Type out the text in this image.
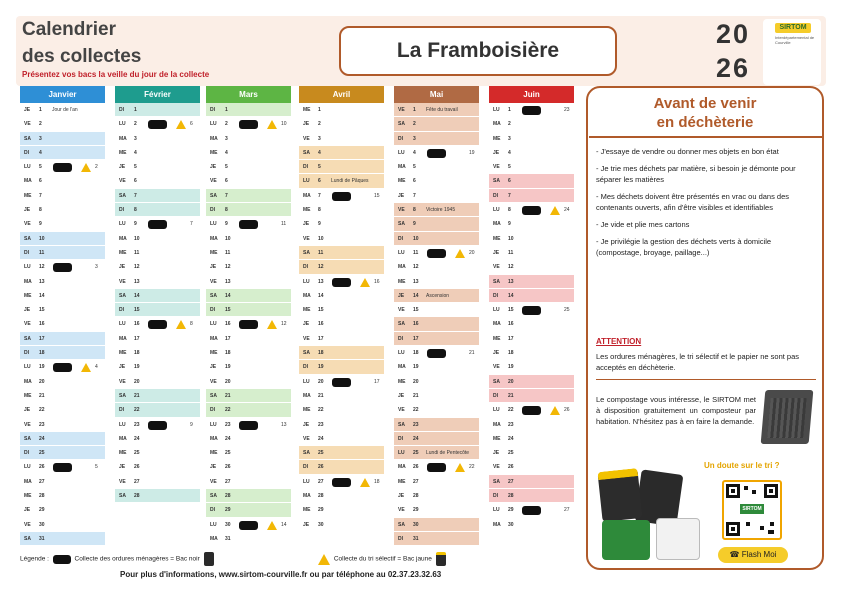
Calendrier
des collectes
Présentez vos bacs la veille du jour de la collecte
La Framboisière
20
26
SIRTOM
Interdépartemental de Courville
Janvier
JE	1 Jour de l'an
VE	2
SA	3
DI	4
LU	5	2
MA	6
ME	7
JE	8
VE	9
SA	10
DI	11
LU	12	3
MA	13
ME	14
JE	15
VE	16
SA	17
DI	18
LU	19	4
MA	20
ME	21
JE	22
VE	23
SA	24
DI	25
LU	26	5
MA	27
ME	28
JE	29
VE	30
SA	31
Février
DI	1
LU	2	6
MA	3
ME	4
JE	5
VE	6
SA	7
DI	8
LU	9	7
MA	10
ME	11
JE	12
VE	13
SA	14
DI	15
LU	16	8
MA	17
ME	18
JE	19
VE	20
SA	21
DI	22
LU	23	9
MA	24
ME	25
JE	26
VE	27
SA	28
Mars
DI	1
LU	2	10
MA	3
ME	4
JE	5
VE	6
SA	7
DI	8
LU	9	11
MA	10
ME	11
JE	12
VE	13
SA	14
DI	15
LU	16	12
MA	17
ME	18
JE	19
VE	20
SA	21
DI	22
LU	23	13
MA	24
ME	25
JE	26
VE	27
SA	28
DI	29
LU	30	14
MA	31
Avril
ME	1
JE	2
VE	3
SA	4
DI	5
LU	6 Lundi de Pâques
MA	7	15
ME	8
JE	9
VE	10
SA	11
DI	12
LU	13	16
MA	14
ME	15
JE	16
VE	17
SA	18
DI	19
LU	20	17
MA	21
ME	22
JE	23
VE	24
SA	25
DI	26
LU	27	18
MA	28
ME	29
JE	30
Mai
VE	1 Fête du travail
SA	2
DI	3
LU	4	19
MA	5
ME	6
JE	7
VE	8 Victoire 1945
SA	9
DI	10
LU	11	20
MA	12
ME	13
JE	14 Ascension
VE	15
SA	16
DI	17
LU	18	21
MA	19
ME	20
JE	21
VE	22
SA	23
DI	24
LU	25 Lundi de Pentecôte
MA	26	22
ME	27
JE	28
VE	29
SA	30
DI	31
Juin
LU	1	23
MA	2
ME	3
JE	4
VE	5
SA	6
DI	7
LU	8	24
MA	9
ME	10
JE	11
VE	12
SA	13
DI	14
LU	15	25
MA	16
ME	17
JE	18
VE	19
SA	20
DI	21
LU	22	26
MA	23
ME	24
JE	25
VE	26
SA	27
DI	28
LU	29	27
MA	30
Avant de venir
en déchèterie

- J'essaye de vendre ou donner mes objets en bon état

- Je trie mes déchets par matière, si besoin je démonte pour séparer les matières

- Mes déchets doivent être présentés en vrac ou dans des contenants ouverts, afin d'être visibles et identifiables

- Je vide et plie mes cartons

- Je privilégie la gestion des déchets verts à domicile (compostage, broyage, paillage...)

ATTENTION
Les ordures ménagères, le tri sélectif et le papier ne sont pas acceptés en déchèterie.
Le compostage vous intéresse, le SIRTOM met à disposition gratuitement un composteur par habitation. N'hésitez pas à en faire la demande.
Un doute sur le tri ?
SIRTOM
☎ Flash Moi
Légende :	Collecte des ordures ménagères = Bac noir	Collecte du tri sélectif = Bac jaune
Pour plus d'informations, www.sirtom-courville.fr ou par téléphone au 02.37.23.32.63
